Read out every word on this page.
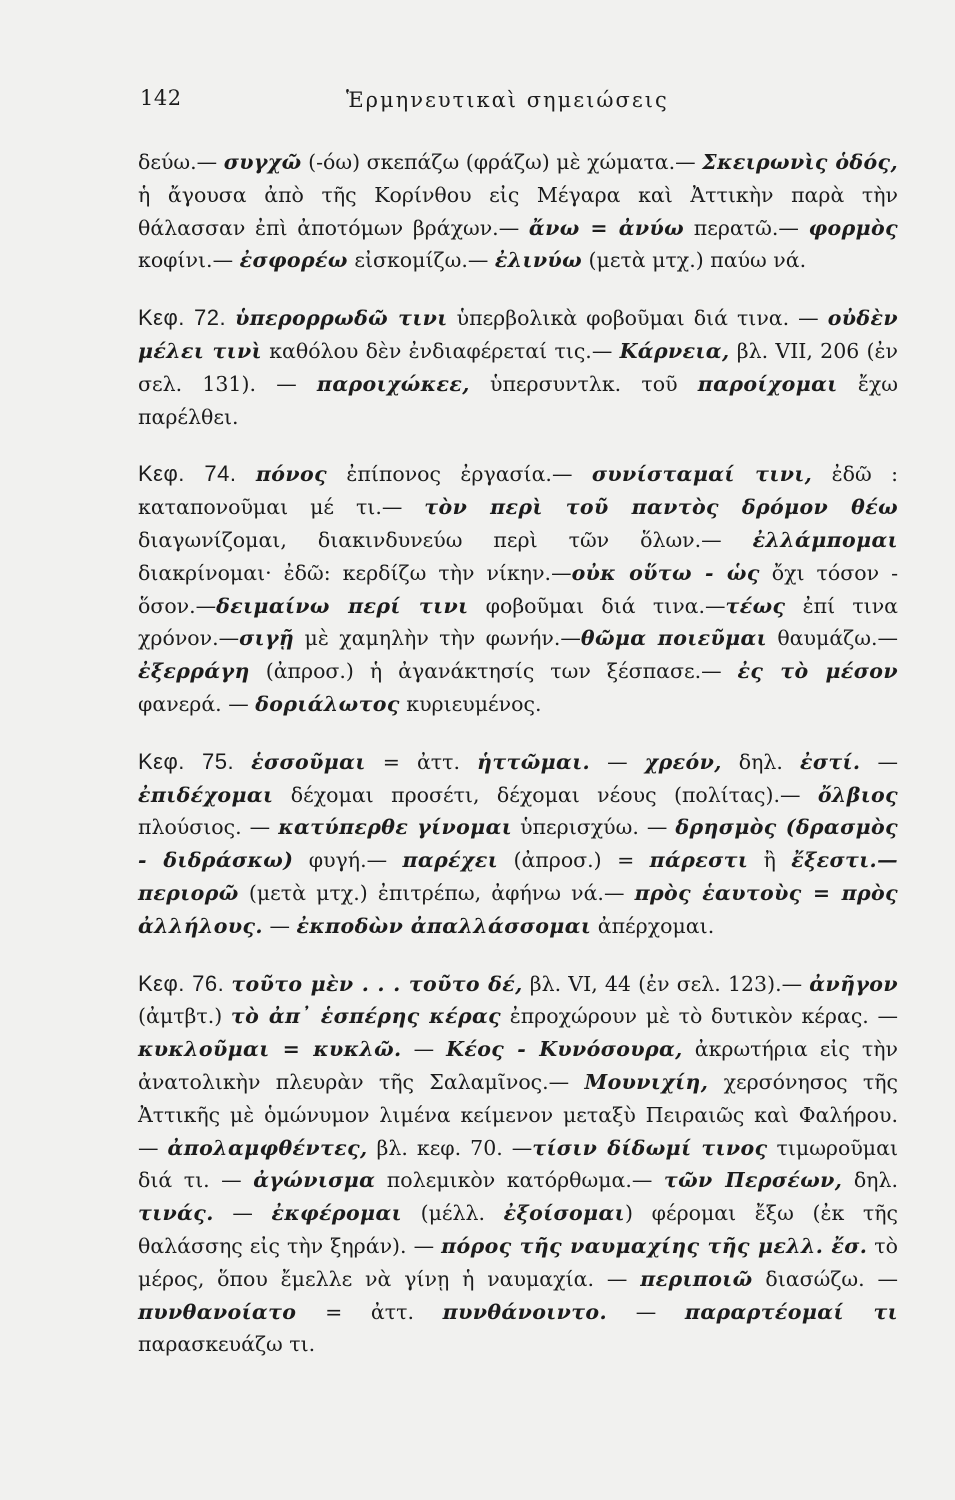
142	Ἑρμηνευτικαὶ σημειώσεις

δεύω.— συγχῶ (-όω) σκεπάζω (φράζω) μὲ χώματα.— Σκειρωνὶς ὁδός, ἡ ἄγουσα ἀπὸ τῆς Κορίνθου εἰς Μέγαρα καὶ Ἀττικὴν παρὰ τὴν θάλασσαν ἐπὶ ἀποτόμων βράχων.— ἄνω = ἀνύω περατῶ.— φορμὸς κοφίνι.— ἐσφορέω εἰσκομίζω.— ἐλινύω (μετὰ μτχ.) παύω νά.

Κεφ. 72. ὑπερορρωδῶ τινι ὑπερβολικὰ φοβοῦμαι διά τινα. — οὐδὲν μέλει τινὶ καθόλου δὲν ἐνδιαφέρεταί τις.— Κάρνεια, βλ. VII, 206 (ἐν σελ. 131). — παροιχώκεε, ὑπερσυντλκ. τοῦ παροίχομαι ἔχω παρέλθει.

Κεφ. 74. πόνος ἐπίπονος ἐργασία.— συνίσταμαί τινι, ἐδῶ : καταπονοῦμαι μέ τι.— τὸν περὶ τοῦ παντὸς δρόμον θέω διαγωνίζομαι, διακινδυνεύω περὶ τῶν ὅλων.— ἐλλάμπομαι διακρίνομαι· ἐδῶ: κερδίζω τὴν νίκην.—οὐκ οὕτω - ὡς ὄχι τόσον - ὅσον.—δειμαίνω περί τινι φοβοῦμαι διά τινα.—τέως ἐπί τινα χρόνον.—σιγῇ μὲ χαμηλὴν τὴν φωνήν.—θῶμα ποιεῦμαι θαυμάζω.—ἐξερράγη (ἀπροσ.) ἡ ἀγανάκτησίς των ξέσπασε.— ἐς τὸ μέσον φανερά. — δοριάλωτος κυριευμένος.

Κεφ. 75. ἑσσοῦμαι = ἀττ. ἡττῶμαι. — χρεόν, δηλ. ἐστί. — ἐπιδέχομαι δέχομαι προσέτι, δέχομαι νέους (πολίτας).— ὄλβιος πλούσιος. — κατύπερθε γίνομαι ὑπερισχύω. — δρησμὸς (δρασμὸς - διδράσκω) φυγή.— παρέχει (ἀπροσ.) = πάρεστι ἢ ἔξεστι.— περιορῶ (μετὰ μτχ.) ἐπιτρέπω, ἀφήνω νά.— πρὸς ἑαυτοὺς = πρὸς ἀλλήλους. — ἐκποδὼν ἀπαλλάσσομαι ἀπέρχομαι.

Κεφ. 76. τοῦτο μὲν . . . τοῦτο δέ, βλ. VI, 44 (ἐν σελ. 123).— ἀνῆγον (ἀμτβτ.) τὸ ἀπ᾿ ἑσπέρης κέρας ἐπροχώρουν μὲ τὸ δυτικὸν κέρας. — κυκλοῦμαι = κυκλῶ. — Κέος - Κυνόσουρα, ἀκρωτήρια εἰς τὴν ἀνατολικὴν πλευρὰν τῆς Σαλαμῖνος.— Μουνιχίη, χερσόνησος τῆς Ἀττικῆς μὲ ὁμώνυμον λιμένα κείμενον μεταξὺ Πειραιῶς καὶ Φαλήρου. — ἀπολαμφθέντες, βλ. κεφ. 70. —τίσιν δίδωμί τινος τιμωροῦμαι διά τι. — ἀγώνισμα πολεμικὸν κατόρθωμα.— τῶν Περσέων, δηλ. τινάς. — ἐκφέρομαι (μέλλ. ἐξοίσομαι) φέρομαι ἔξω (ἐκ τῆς θαλάσσης εἰς τὴν ξηράν). — πόρος τῆς ναυμαχίης τῆς μελλ. ἔσ. τὸ μέρος, ὅπου ἔμελλε νὰ γίνῃ ἡ ναυμαχία. — περιποιῶ διασώζω. — πυνθανοίατο = ἀττ. πυνθάνοιντο. — παραρτέομαί τι παρασκευάζω τι.
